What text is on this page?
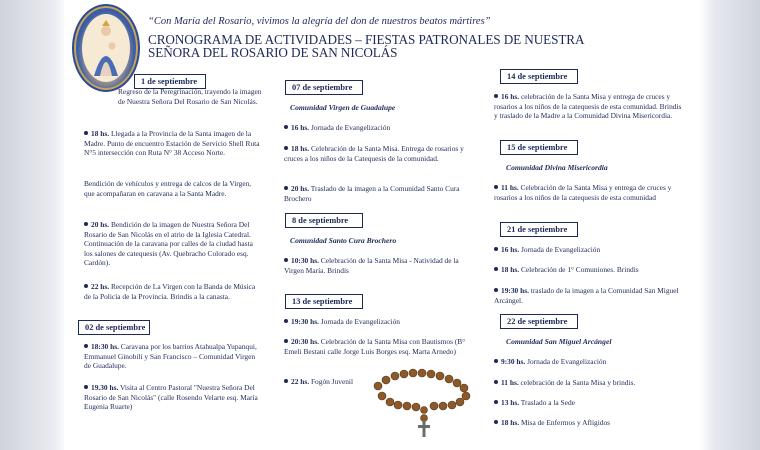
“Con María del Rosario, vivimos la alegría del don de nuestros beatos mártires”
CRONOGRAMA DE ACTIVIDADES – FIESTAS PATRONALES DE NUESTRA SEÑORA DEL ROSARIO DE SAN NICOLÁS
1 de septiembre
Regreso de la Peregrinación, trayendo la imagen de Nuestra Señora Del Rosario de San Nicolás.
18 hs. Llegada a la Provincia de la Santa imagen de la Madre. Punto de encuentro Estación de Servicio Shell Ruta N°5 intersección con Ruta N° 38 Acceso Norte.
Bendición de vehículos y entrega de calcos de la Virgen, que acompañaran en caravana a la Santa Madre.
20 hs. Bendición de la imagen de Nuestra Señora Del Rosario de San Nicolás en el atrio de la Iglesia Catedral. Continuación de la caravana por calles de la ciudad hasta los salones de catequesis (Av. Quebracho Colorado esq. Cardón).
22 hs. Recepción de La Virgen con la Banda de Música de la Policía de la Provincia. Brindis a la canasta.
02 de septiembre
18:30 hs. Caravana por los barrios Atahualpa Yupanqui, Emmanuel Ginobili y San Francisco – Comunidad Virgen de Guadalupe.
19.30 hs. Visita al Centro Pastoral "Nuestra Señora Del Rosario de San Nicolás" (calle Rosendo Velarte esq. María Eugenia Ruarte)
07 de septiembre
Comunidad Virgen de Guadalupe
16 hs. Jornada de Evangelización
18 hs. Celebración de la Santa Misa. Entrega de rosarios y cruces a los niños de la Catequesis de la comunidad.
20 hs. Traslado de la imagen a la Comunidad Santo Cura Brochero
8 de septiembre
Comunidad Santo Cura Brochero
10:30 hs. Celebración de la Santa Misa - Natividad de la Virgen María. Brindis
13 de septiembre
19:30 hs. Jornada de Evangelización
20:30 hs. Celebración de la Santa Misa con Bautismos (B° Emeli Bestani calle Jorge Luis Borges esq. Marta Arnedo)
22 hs. Fogón Juvenil
14 de septiembre
16 hs. celebración de la Santa Misa y entrega de cruces y rosarios a los niños de la catequesis de esta comunidad. Brindis y traslado de la Madre a la Comunidad Divina Misericordia.
15 de septiembre
Comunidad Divina Misericordia
11 hs. Celebración de la Santa Misa y entrega de cruces y rosarios a los niños de la catequesis de esta comunidad
21 de septiembre
16 hs. Jornada de Evangelización
18 hs. Celebración de 1° Comuniones. Brindis
19:30 hs. traslado de la imagen a la Comunidad San Miguel Arcángel.
22 de septiembre
Comunidad San Miguel Arcángel
9:30 hs. Jornada de Evangelización
11 hs. celebración de la Santa Misa y brindis.
13 hs. Traslado a la Sede
18 hs. Misa de Enfermos y Afligidos
